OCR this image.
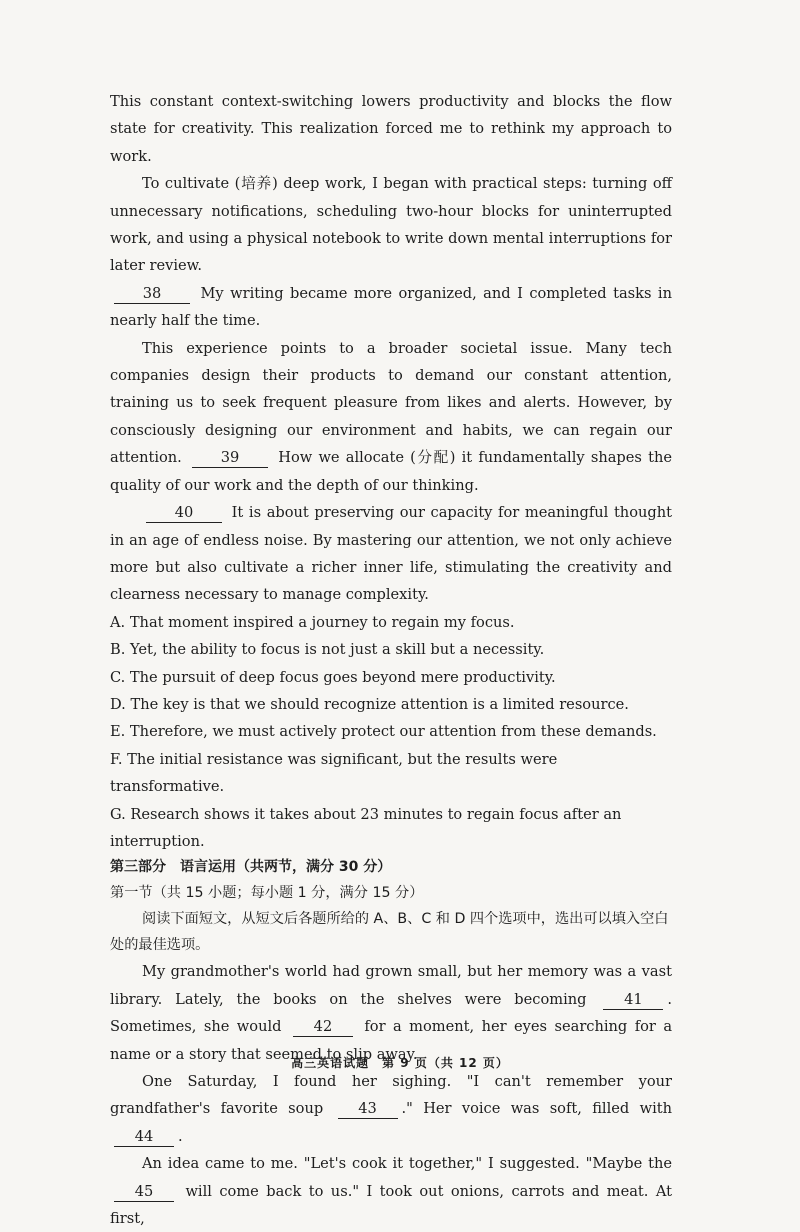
This constant context-switching lowers productivity and blocks the flow state for creativity. This realization forced me to rethink my approach to work.

To cultivate (培养) deep work, I began with practical steps: turning off unnecessary notifications, scheduling two-hour blocks for uninterrupted work, and using a physical notebook to write down mental interruptions for later review.

38	My writing became more organized, and I completed tasks in nearly half the time.

This experience points to a broader societal issue. Many tech companies design their products to demand our constant attention, training us to seek frequent pleasure from likes and alerts. However, by consciously designing our environment and habits, we can regain our attention.	39	How we allocate (分配) it fundamentally shapes the quality of our work and the depth of our thinking.

40	It is about preserving our capacity for meaningful thought in an age of endless noise. By mastering our attention, we not only achieve more but also cultivate a richer inner life, stimulating the creativity and clearness necessary to manage complexity.

A. That moment inspired a journey to regain my focus.

B. Yet, the ability to focus is not just a skill but a necessity.

C. The pursuit of deep focus goes beyond mere productivity.

D. The key is that we should recognize attention is a limited resource.

E. Therefore, we must actively protect our attention from these demands.

F. The initial resistance was significant, but the results were transformative.

G. Research shows it takes about 23 minutes to regain focus after an interruption.

第三部分　语言运用（共两节，满分 30 分）

第一节（共 15 小题；每小题 1 分，满分 15 分）

阅读下面短文，从短文后各题所给的 A、B、C 和 D 四个选项中，选出可以填入空白处的最佳选项。

My grandmother's world had grown small, but her memory was a vast library. Lately, the books on the shelves were becoming	41 . Sometimes, she would 42 for a moment, her eyes searching for a name or a story that seemed to slip away.

One Saturday, I found her sighing. "I can't remember your grandfather's favorite soup 43 ." Her voice was soft, filled with 44 .

An idea came to me. "Let's cook it together," I suggested. "Maybe the 45 will come back to us." I took out onions, carrots and meat. At first,

高三英语试题　第 9 页（共 12 页）
